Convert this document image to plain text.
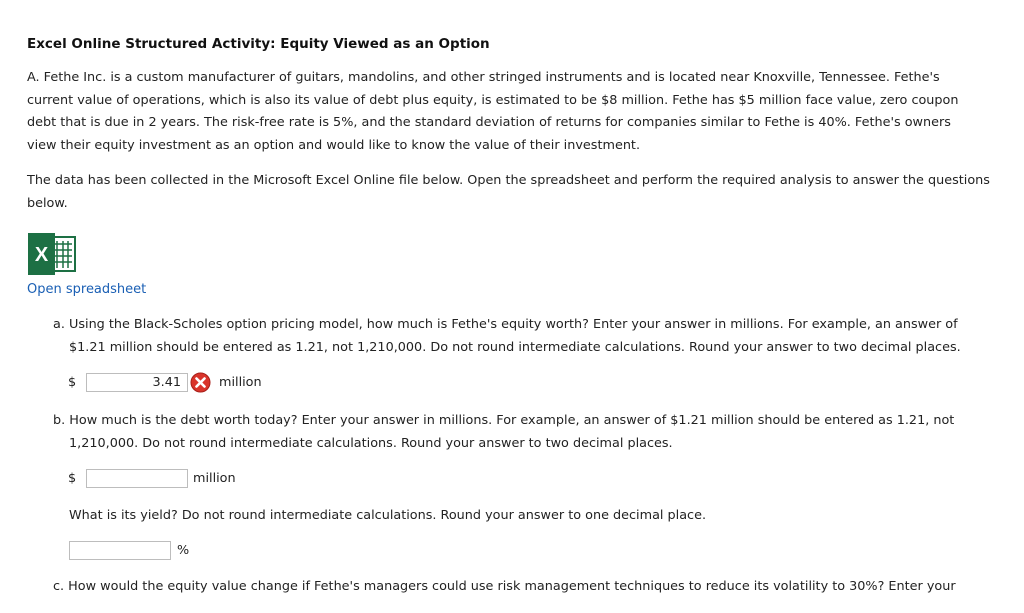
Excel Online Structured Activity: Equity Viewed as an Option
A. Fethe Inc. is a custom manufacturer of guitars, mandolins, and other stringed instruments and is located near Knoxville, Tennessee. Fethe's
current value of operations, which is also its value of debt plus equity, is estimated to be $8 million. Fethe has $5 million face value, zero coupon
debt that is due in 2 years. The risk-free rate is 5%, and the standard deviation of returns for companies similar to Fethe is 40%. Fethe's owners
view their equity investment as an option and would like to know the value of their investment.
The data has been collected in the Microsoft Excel Online file below. Open the spreadsheet and perform the required analysis to answer the questions
below.
X
Open spreadsheet
a. Using the Black-Scholes option pricing model, how much is Fethe's equity worth? Enter your answer in millions. For example, an answer of
$1.21 million should be entered as 1.21, not 1,210,000. Do not round intermediate calculations. Round your answer to two decimal places.
$	3.41	million
b. How much is the debt worth today? Enter your answer in millions. For example, an answer of $1.21 million should be entered as 1.21, not
1,210,000. Do not round intermediate calculations. Round your answer to two decimal places.
$	million
What is its yield? Do not round intermediate calculations. Round your answer to one decimal place.
%
c. How would the equity value change if Fethe's managers could use risk management techniques to reduce its volatility to 30%? Enter your
